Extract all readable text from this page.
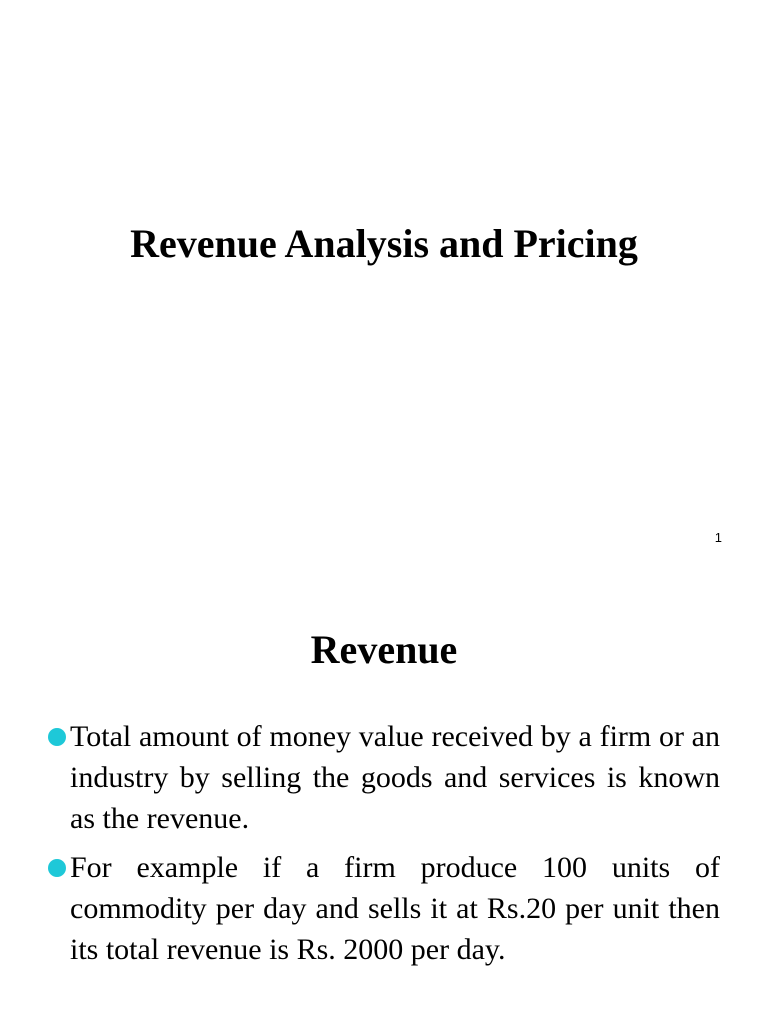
Revenue Analysis and Pricing
1
Revenue
Total amount of money value received by a firm or an industry by selling the goods and services is known as the revenue.
For example if a firm produce 100 units of commodity per day and sells it at Rs.20 per unit then its total revenue is Rs. 2000 per day.
